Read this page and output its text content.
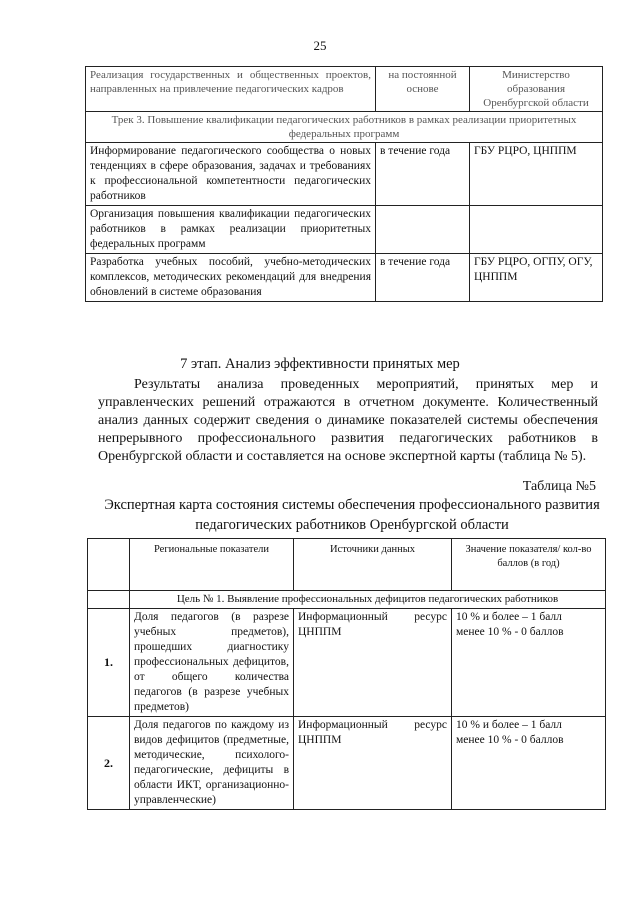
25
Реализация государственных и общественных проектов, направленных на привлечение педагогических кадров	на постоянной основе	Министерство образования Оренбургской области
Трек 3. Повышение квалификации педагогических работников в рамках реализации приоритетных федеральных программ		
Информирование педагогического сообщества о новых тенденциях в сфере образования, задачах и требованиях к профессиональной компетентности педагогических работников	в течение года	ГБУ РЦРО, ЦНППМ
Организация повышения квалификации педагогических работников в рамках реализации приоритетных федеральных программ		
Разработка учебных пособий, учебно-методических комплексов, методических рекомендаций для внедрения обновлений в системе образования	в течение года	ГБУ РЦРО, ОГПУ, ОГУ, ЦНППМ
7 этап. Анализ эффективности принятых мер
Результаты анализа проведенных мероприятий, принятых мер и управленческих решений отражаются в отчетном документе. Количественный анализ данных содержит сведения о динамике показателей системы обеспечения непрерывного профессионального развития педагогических работников в Оренбургской области и составляется на основе экспертной карты (таблица № 5).
Таблица №5
Экспертная карта состояния системы обеспечения профессионального развития педагогических работников Оренбургской области
	Региональные показатели	Источники данных	Значение показателя/ кол-во баллов (в год)
	Цель № 1. Выявление профессиональных дефицитов педагогических работников		
1.	Доля педагогов (в разрезе учебных предметов), прошедших диагностику профессиональных дефицитов, от общего количества педагогов (в разрезе учебных предметов)	Информационный ресурс ЦНППМ	10 % и более – 1 балл
менее 10 % - 0 баллов

2.	Доля педагогов по каждому из видов дефицитов (предметные, методические, психолого-педагогические, дефициты в области ИКТ, организационно-управленческие)	Информационный ресурс ЦНППМ	10 % и более – 1 балл
менее 10 % - 0 баллов
